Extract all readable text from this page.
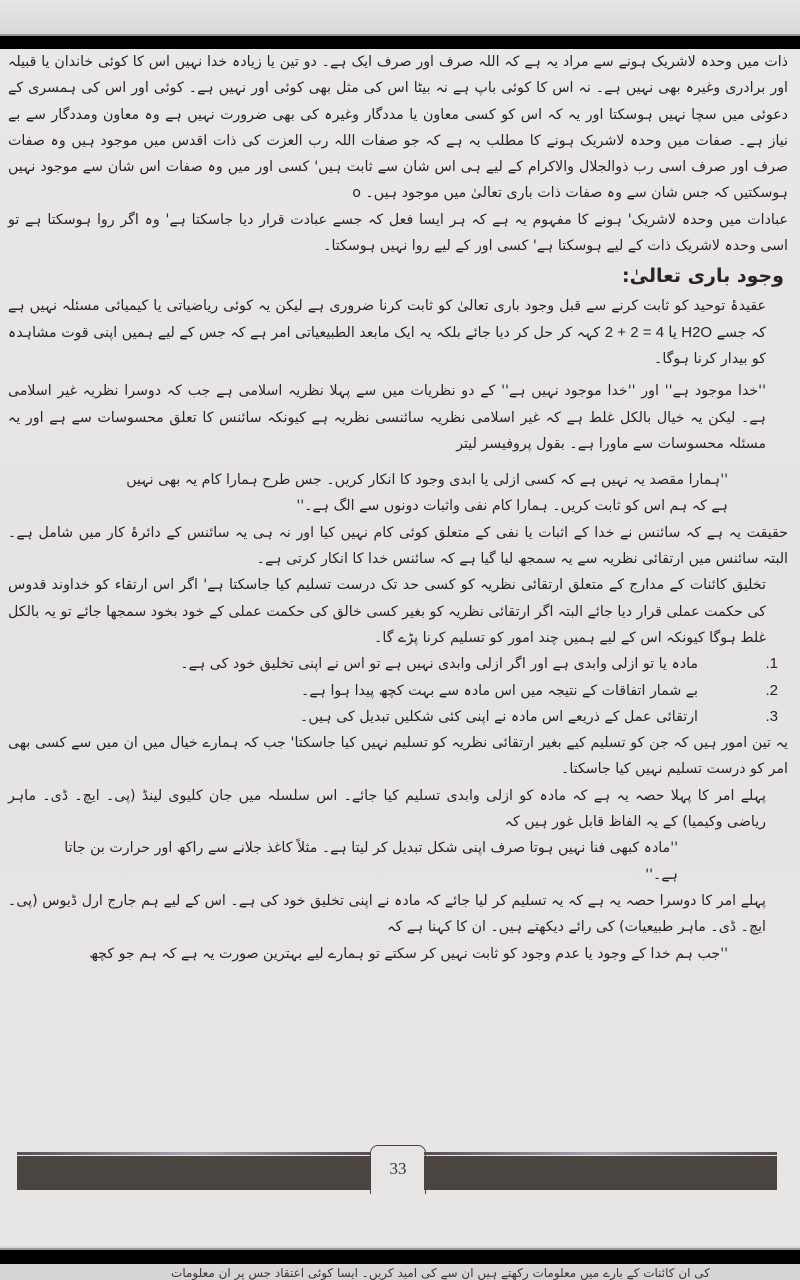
ذات میں وحدہ لاشریک ہونے سے مراد یہ ہے کہ اللہ صرف اور صرف ایک ہے۔ دو تین یا زیادہ خدا نہیں اس کا کوئی خاندان یا قبیلہ اور برادری وغیرہ بھی نہیں ہے۔ نہ اس کا کوئی باپ ہے نہ بیٹا اس کی مثل بھی کوئی اور نہیں ہے۔ کوئی اور اس کی ہمسری کے دعوئی میں سچا نہیں ہوسکتا اور یہ کہ اس کو کسی معاون یا مددگار وغیرہ کی بھی ضرورت نہیں ہے وہ معاون ومددگار سے بے نیاز ہے۔ صفات میں وحدہ لاشریک ہونے کا مطلب یہ ہے کہ جو صفات اللہ رب العزت کی ذات اقدس میں موجود ہیں وہ صفات صرف اور صرف اسی رب ذوالجلال والاکرام کے لیے ہی اس شان سے ثابت ہیں' کسی اور میں وہ صفات اس شان سے موجود نہیں ہوسکتیں کہ جس شان سے وہ صفات ذات باری تعالیٰ میں موجود ہیں۔ o

عبادات میں وحدہ لاشریک' ہونے کا مفہوم یہ ہے کہ ہر ایسا فعل کہ جسے عبادت قرار دیا جاسکتا ہے' وہ اگر روا ہوسکتا ہے تو اسی وحدہ لاشریک ذات کے لیے ہوسکتا ہے' کسی اور کے لیے روا نہیں ہوسکتا۔

وجود باری تعالیٰ:

عقیدۂ توحید کو ثابت کرنے سے قبل وجود باری تعالیٰ کو ثابت کرنا ضروری ہے لیکن یہ کوئی ریاضیاتی یا کیمیائی مسئلہ نہیں ہے کہ جسے 2 + 2 = 4 یا H2O کہہ کر حل کر دیا جائے بلکہ یہ ایک مابعد الطبیعیاتی امر ہے کہ جس کے لیے ہمیں اپنی قوت مشاہدہ کو بیدار کرنا ہوگا۔

''خدا موجود ہے'' اور ''خدا موجود نہیں ہے'' کے دو نظریات میں سے پہلا نظریہ اسلامی ہے جب کہ دوسرا نظریہ غیر اسلامی ہے۔ لیکن یہ خیال بالکل غلط ہے کہ غیر اسلامی نظریہ سائنسی نظریہ ہے کیونکہ سائنس کا تعلق محسوسات سے ہے اور یہ مسئلہ محسوسات سے ماورا ہے۔ بقول پروفیسر لیتر

''ہمارا مقصد یہ نہیں ہے کہ کسی ازلی یا ابدی وجود کا انکار کریں۔ جس طرح ہمارا کام یہ بھی نہیں ہے کہ ہم اس کو ثابت کریں۔ ہمارا کام نفی واثبات دونوں سے الگ ہے۔''

حقیقت یہ ہے کہ سائنس نے خدا کے اثبات یا نفی کے متعلق کوئی کام نہیں کیا اور نہ ہی یہ سائنس کے دائرۂ کار میں شامل ہے۔ البتہ سائنس میں ارتقائی نظریہ سے یہ سمجھ لیا گیا ہے کہ سائنس خدا کا انکار کرتی ہے۔

تخلیق کائنات کے مدارج کے متعلق ارتقائی نظریہ کو کسی حد تک درست تسلیم کیا جاسکتا ہے' اگر اس ارتقاء کو خداوند قدوس کی حکمت عملی قرار دیا جائے البتہ اگر ارتقائی نظریہ کو بغیر کسی خالق کی حکمت عملی کے خود بخود سمجھا جائے تو یہ بالکل غلط ہوگا کیونکہ اس کے لیے ہمیں چند امور کو تسلیم کرنا پڑے گا۔

1.
مادہ یا تو ازلی وابدی ہے اور اگر ازلی وابدی نہیں ہے تو اس نے اپنی تخلیق خود کی ہے۔
2.
بے شمار اتفاقات کے نتیجہ میں اس مادہ سے بہت کچھ پیدا ہوا ہے۔
3.
ارتقائی عمل کے ذریعے اس مادہ نے اپنی کئی شکلیں تبدیل کی ہیں۔

یہ تین امور ہیں کہ جن کو تسلیم کیے بغیر ارتقائی نظریہ کو تسلیم نہیں کیا جاسکتا' جب کہ ہمارے خیال میں ان میں سے کسی بھی امر کو درست تسلیم نہیں کیا جاسکتا۔

پہلے امر کا پہلا حصہ یہ ہے کہ مادہ کو ازلی وابدی تسلیم کیا جائے۔ اس سلسلہ میں جان کلیوی لینڈ (پی۔ ایچ۔ ڈی۔ ماہر ریاضی وکیمیا) کے یہ الفاظ قابل غور ہیں کہ

''مادہ کبھی فنا نہیں ہوتا صرف اپنی شکل تبدیل کر لیتا ہے۔ مثلاً کاغذ جلانے سے راکھ اور حرارت بن جاتا ہے۔''

پہلے امر کا دوسرا حصہ یہ ہے کہ یہ تسلیم کر لیا جائے کہ مادہ نے اپنی تخلیق خود کی ہے۔ اس کے لیے ہم جارج ارل ڈیوس (پی۔ ایچ۔ ڈی۔ ماہر طبیعیات) کی رائے دیکھتے ہیں۔ ان کا کہنا ہے کہ

''جب ہم خدا کے وجود یا عدم وجود کو ثابت نہیں کر سکتے تو ہمارے لیے بہترین صورت یہ ہے کہ ہم جو کچھ

33
کی ان کائنات کے بارے میں معلومات رکھتے ہیں ان سے کی امید کریں۔ ایسا کوئی اعتقاد جس پر ان معلومات
